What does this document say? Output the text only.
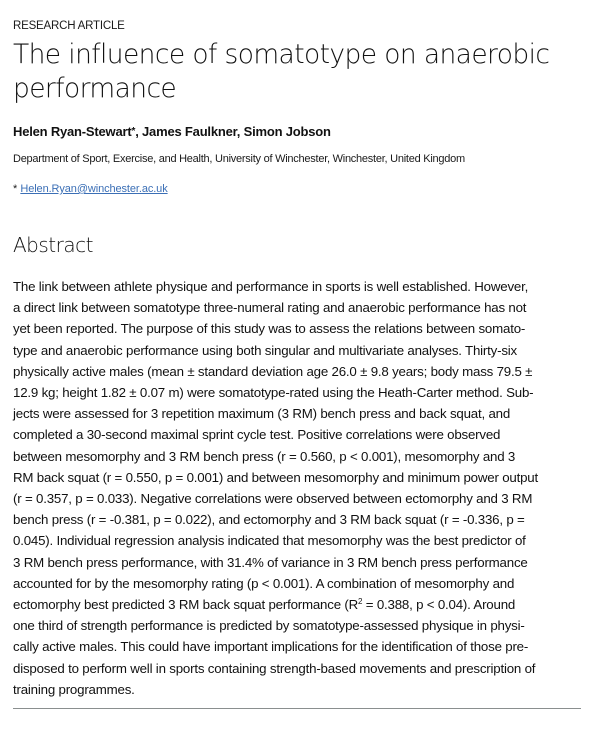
RESEARCH ARTICLE
The influence of somatotype on anaerobic performance
Helen Ryan-Stewart*, James Faulkner, Simon Jobson
Department of Sport, Exercise, and Health, University of Winchester, Winchester, United Kingdom
* Helen.Ryan@winchester.ac.uk
Abstract
The link between athlete physique and performance in sports is well established. However,
a direct link between somatotype three-numeral rating and anaerobic performance has not
yet been reported. The purpose of this study was to assess the relations between somato-
type and anaerobic performance using both singular and multivariate analyses. Thirty-six
physically active males (mean ± standard deviation age 26.0 ± 9.8 years; body mass 79.5 ±
12.9 kg; height 1.82 ± 0.07 m) were somatotype-rated using the Heath-Carter method. Sub-
jects were assessed for 3 repetition maximum (3 RM) bench press and back squat, and
completed a 30-second maximal sprint cycle test. Positive correlations were observed
between mesomorphy and 3 RM bench press (r = 0.560, p < 0.001), mesomorphy and 3
RM back squat (r = 0.550, p = 0.001) and between mesomorphy and minimum power output
(r = 0.357, p = 0.033). Negative correlations were observed between ectomorphy and 3 RM
bench press (r = -0.381, p = 0.022), and ectomorphy and 3 RM back squat (r = -0.336, p =
0.045). Individual regression analysis indicated that mesomorphy was the best predictor of
3 RM bench press performance, with 31.4% of variance in 3 RM bench press performance
accounted for by the mesomorphy rating (p < 0.001). A combination of mesomorphy and
ectomorphy best predicted 3 RM back squat performance ($R^2 = 0.388$, p < 0.04). Around
one third of strength performance is predicted by somatotype-assessed physique in physi-
cally active males. This could have important implications for the identification of those pre-
disposed to perform well in sports containing strength-based movements and prescription of
training programmes.
